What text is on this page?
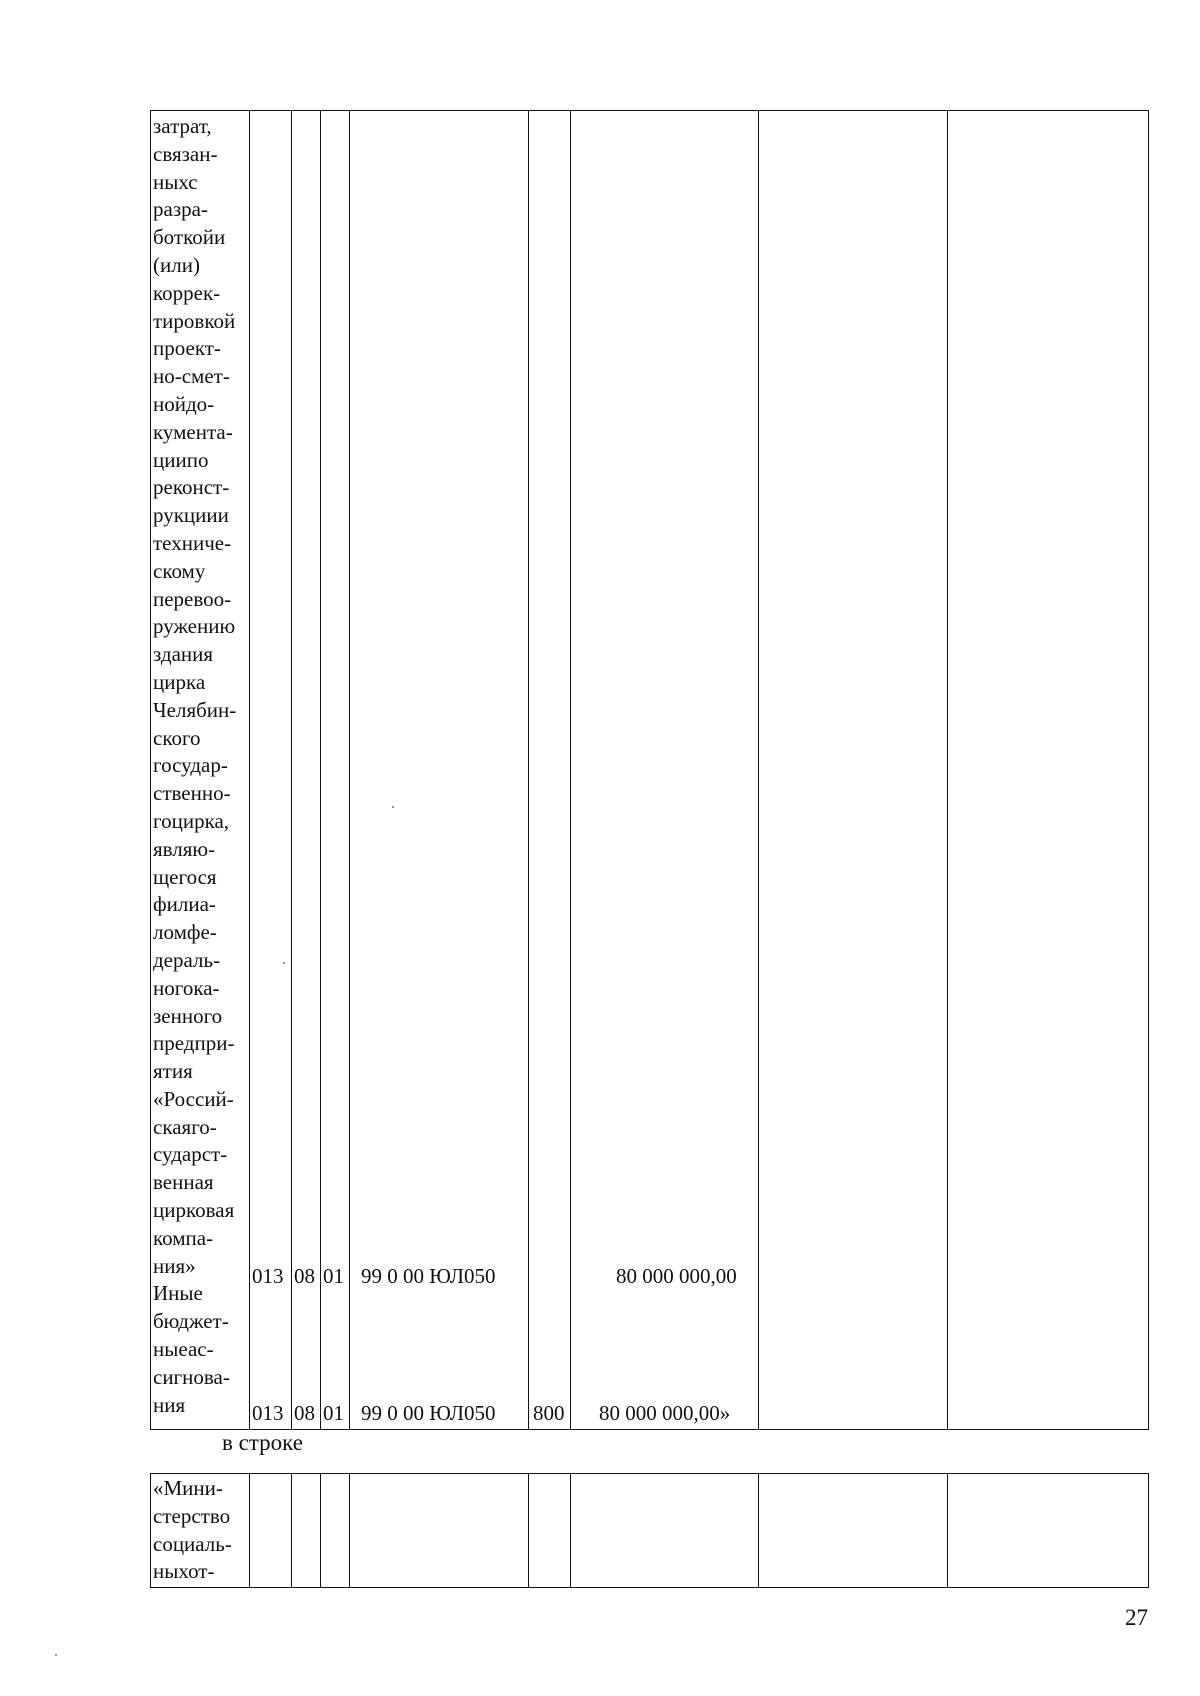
затрат,
связан-
ныхс
разра-
боткойи
(или)
коррек-
тировкой
проект-
но-смет-
нойдо-
кумента-
циипо
реконст-
рукциии
техниче-
скому
перевоо-
ружению
здания
цирка
Челябин-
ского
государ-
ственно-
гоцирка,
являю-
щегося
филиа-
ломфе-
дераль-
ногока-
зенного
предпри-
ятия
«Россий-
скаяго-
сударст-
венная
цирковая
компа-
ния»
Иные
бюджет-
ныеас-
сигнова-
ния
013 08 01 99 0 00 ЮЛ050	80 000 000,00
013 08 01 99 0 00 ЮЛ050 800 80 000 000,00»
в строке
«Мини-
стерство
социаль-
ныхот-
27
